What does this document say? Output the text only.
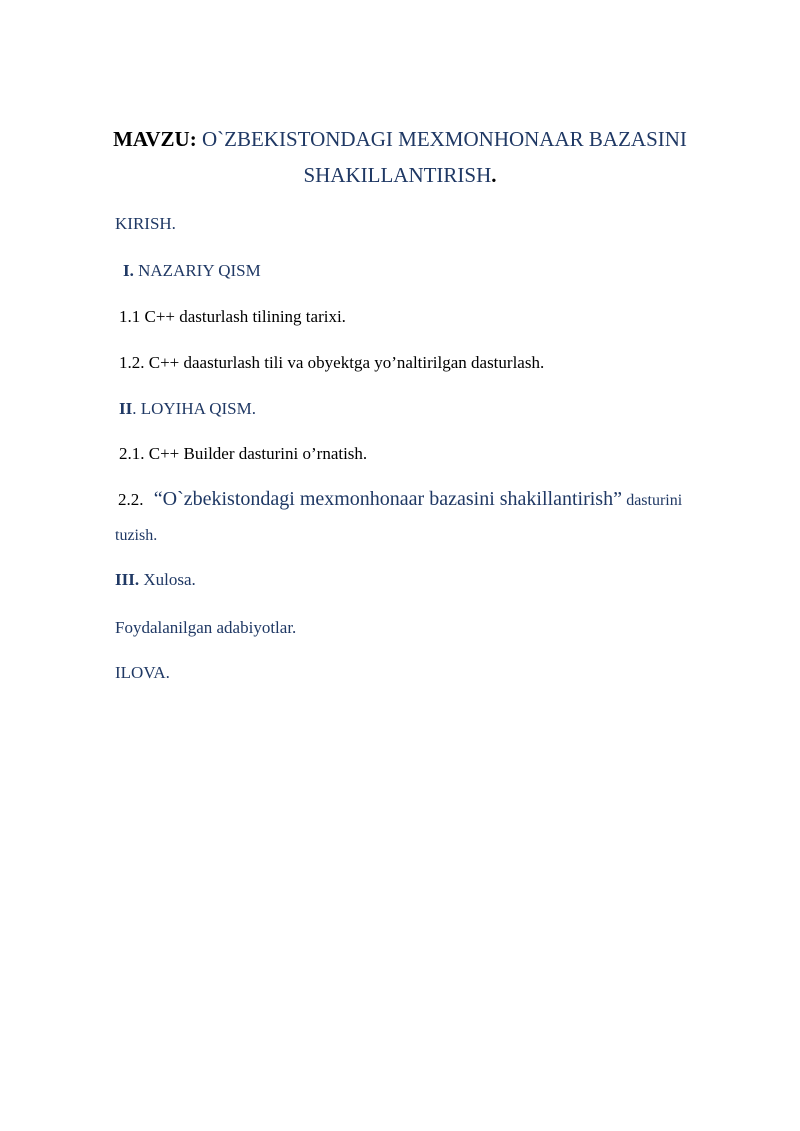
MAVZU: O`ZBEKISTONDAGI MEXMONHONAAR BAZASINI
SHAKILLANTIRISH.
KIRISH.
I. NAZARIY QISM
1.1 C++ dasturlash tilining tarixi.
1.2. C++ daasturlash tili va obyektga yo’naltirilgan dasturlash.
II. LOYIHA QISM.
2.1. C++ Builder dasturini o’rnatish.
2.2. “O`zbekistondagi mexmonhonaar bazasini shakillantirish” dasturini
tuzish.
III. Xulosa.
Foydalanilgan adabiyotlar.
ILOVA.
